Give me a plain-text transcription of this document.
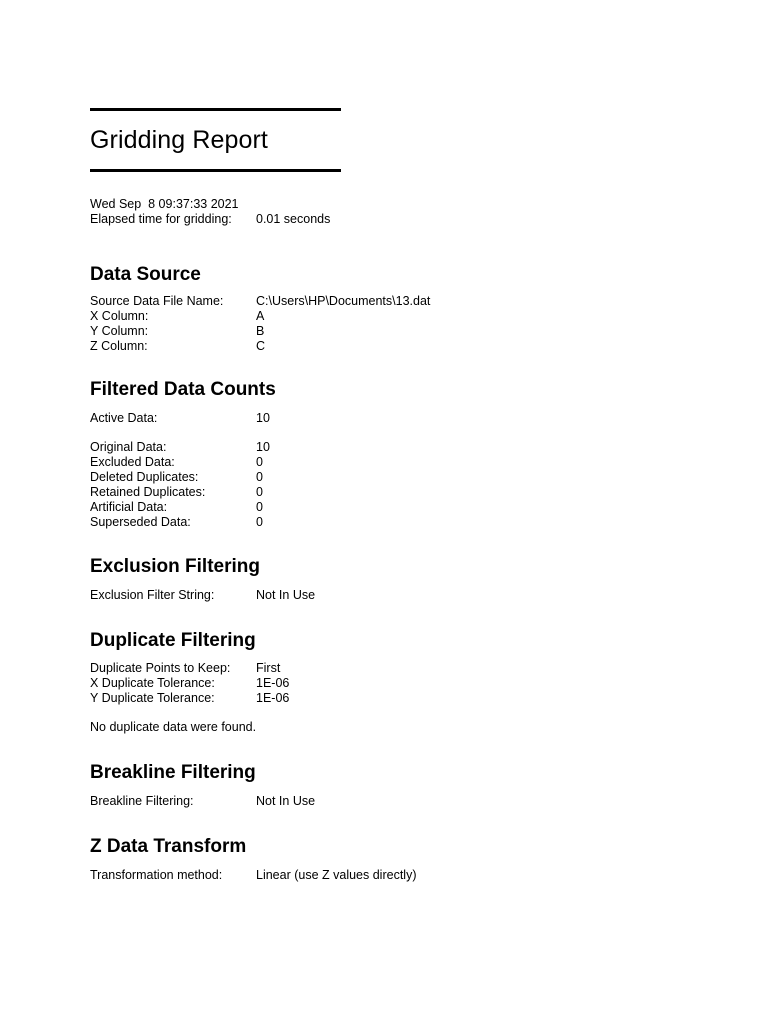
Gridding Report
Wed Sep  8 09:37:33 2021
Elapsed time for gridding:	0.01 seconds
Data Source
Source Data File Name:	C:\Users\HP\Documents\13.dat
X Column:	A
Y Column:	B
Z Column:	C
Filtered Data Counts
Active Data:	10
Original Data:	10
Excluded Data:	0
Deleted Duplicates:	0
Retained Duplicates:	0
Artificial Data:	0
Superseded Data:	0
Exclusion Filtering
Exclusion Filter String:	Not In Use
Duplicate Filtering
Duplicate Points to Keep:	First
X Duplicate Tolerance:	1E-06
Y Duplicate Tolerance:	1E-06
No duplicate data were found.
Breakline Filtering
Breakline Filtering:	Not In Use
Z Data Transform
Transformation method:	Linear (use Z values directly)
